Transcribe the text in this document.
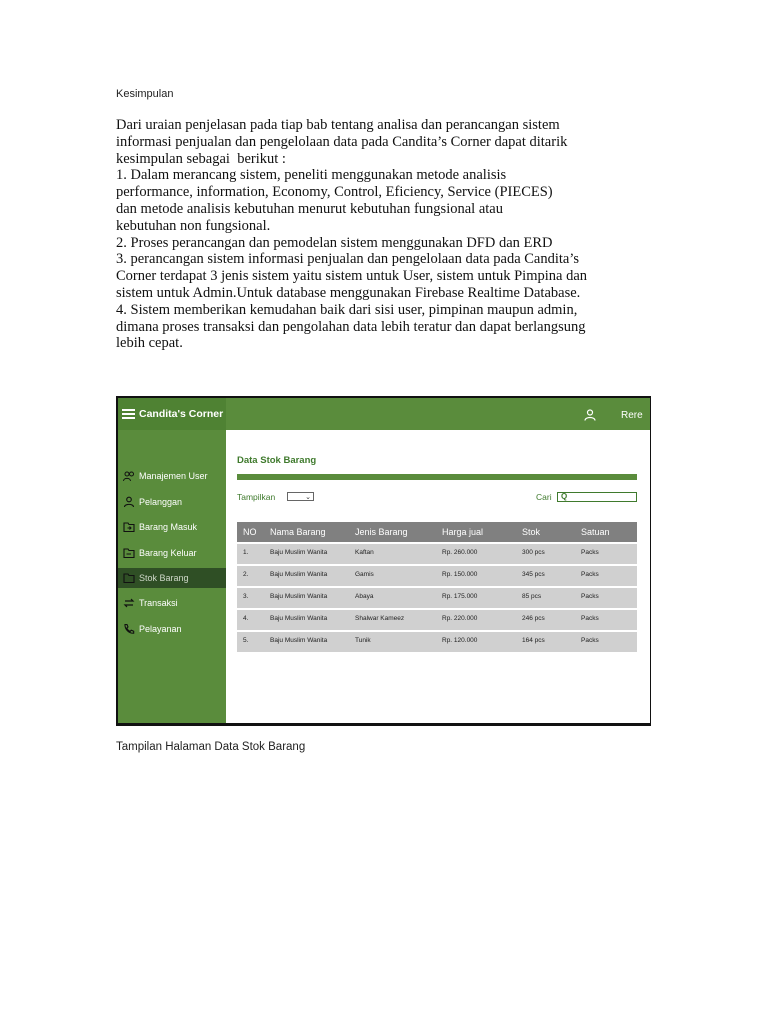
Kesimpulan

Dari uraian penjelasan pada tiap bab tentang analisa dan perancangan sistem

informasi penjualan dan pengelolaan data pada Candita’s Corner dapat ditarik

kesimpulan sebagai  berikut :

1. Dalam merancang sistem, peneliti menggunakan metode analisis

performance, information, Economy, Control, Eficiency, Service (PIECES)

dan metode analisis kebutuhan menurut kebutuhan fungsional atau

kebutuhan non fungsional.

2. Proses perancangan dan pemodelan sistem menggunakan DFD dan ERD

3. perancangan sistem informasi penjualan dan pengelolaan data pada Candita’s

Corner terdapat 3 jenis sistem yaitu sistem untuk User, sistem untuk Pimpina dan

sistem untuk Admin.Untuk database menggunakan Firebase Realtime Database.

4. Sistem memberikan kemudahan baik dari sisi user, pimpinan maupun admin,

dimana proses transaksi dan pengolahan data lebih teratur dan dapat berlangsung

lebih cepat.

Candita's Corner	Rere
Manajemen User
Pelanggan
Barang Masuk
Barang Keluar
Stok Barang
Transaksi
Pelayanan
Data Stok Barang
Tampilkan	⌄	Cari Q
NO Nama Barang	Jenis Barang	Harga jual	Stok	Satuan
1.	Baju Muslim Wanita	Kaftan	Rp. 260.000	300 pcs	Packs
2.	Baju Muslim Wanita	Gamis	Rp. 150.000	345 pcs	Packs
3.	Baju Muslim Wanita	Abaya	Rp. 175.000	85 pcs	Packs
4.	Baju Muslim Wanita	Shalwar Kameez	Rp. 220.000	246 pcs	Packs
5.	Baju Muslim Wanita	Tunik	Rp. 120.000	164 pcs	Packs
Tampilan Halaman Data Stok Barang
